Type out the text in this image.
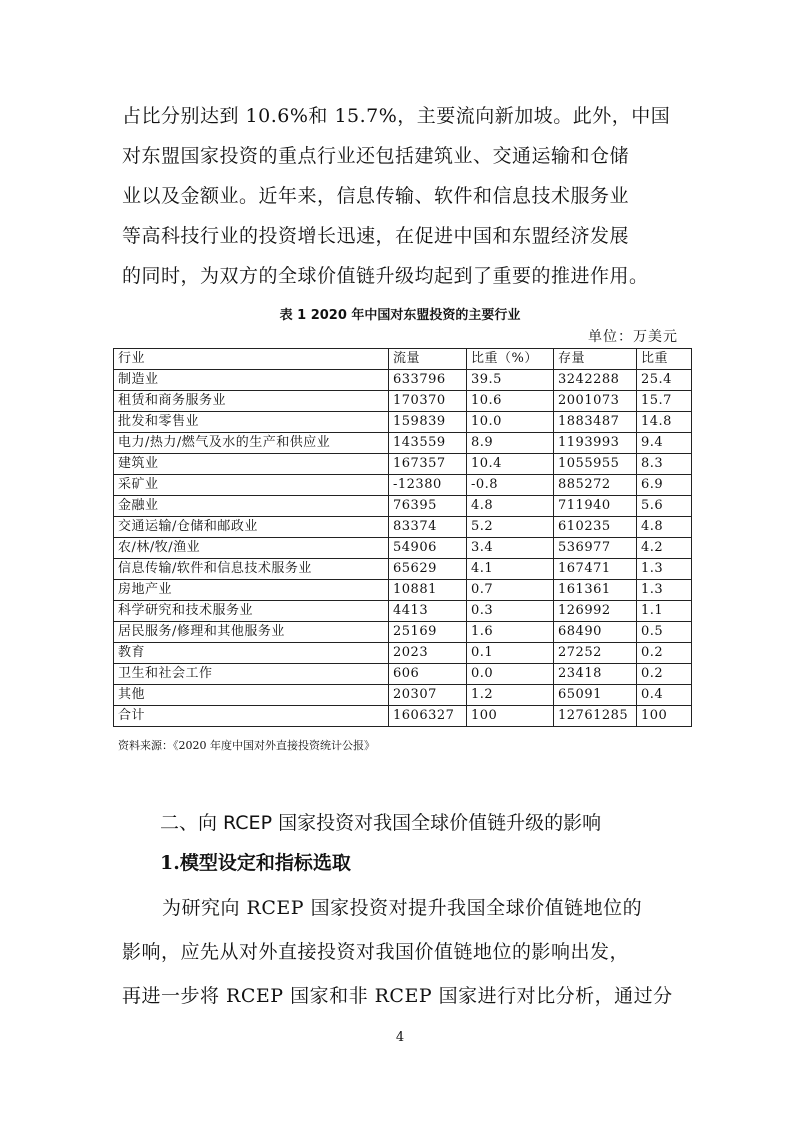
占比分别达到 10.6%和 15.7%，主要流向新加坡。此外，中国
对东盟国家投资的重点行业还包括建筑业、交通运输和仓储
业以及金额业。近年来，信息传输、软件和信息技术服务业
等高科技行业的投资增长迅速，在促进中国和东盟经济发展
的同时，为双方的全球价值链升级均起到了重要的推进作用。
表 1 2020 年中国对东盟投资的主要行业
单位：万美元
行业	流量	比重（%）	存量	比重
制造业	633796	39.5	3242288	25.4
租赁和商务服务业	170370	10.6	2001073	15.7
批发和零售业	159839	10.0	1883487	14.8
电力/热力/燃气及水的生产和供应业	143559	8.9	1193993	9.4
建筑业	167357	10.4	1055955	8.3
采矿业	-12380	-0.8	885272	6.9
金融业	76395	4.8	711940	5.6
交通运输/仓储和邮政业	83374	5.2	610235	4.8
农/林/牧/渔业	54906	3.4	536977	4.2
信息传输/软件和信息技术服务业	65629	4.1	167471	1.3
房地产业	10881	0.7	161361	1.3
科学研究和技术服务业	4413	0.3	126992	1.1
居民服务/修理和其他服务业	25169	1.6	68490	0.5
教育	2023	0.1	27252	0.2
卫生和社会工作	606	0.0	23418	0.2
其他	20307	1.2	65091	0.4
合计	1606327	100	12761285	100
资料来源：《2020 年度中国对外直接投资统计公报》
二、向 RCEP 国家投资对我国全球价值链升级的影响
1.模型设定和指标选取
为研究向 RCEP 国家投资对提升我国全球价值链地位的
影响，应先从对外直接投资对我国价值链地位的影响出发，
再进一步将 RCEP 国家和非 RCEP 国家进行对比分析，通过分
4
